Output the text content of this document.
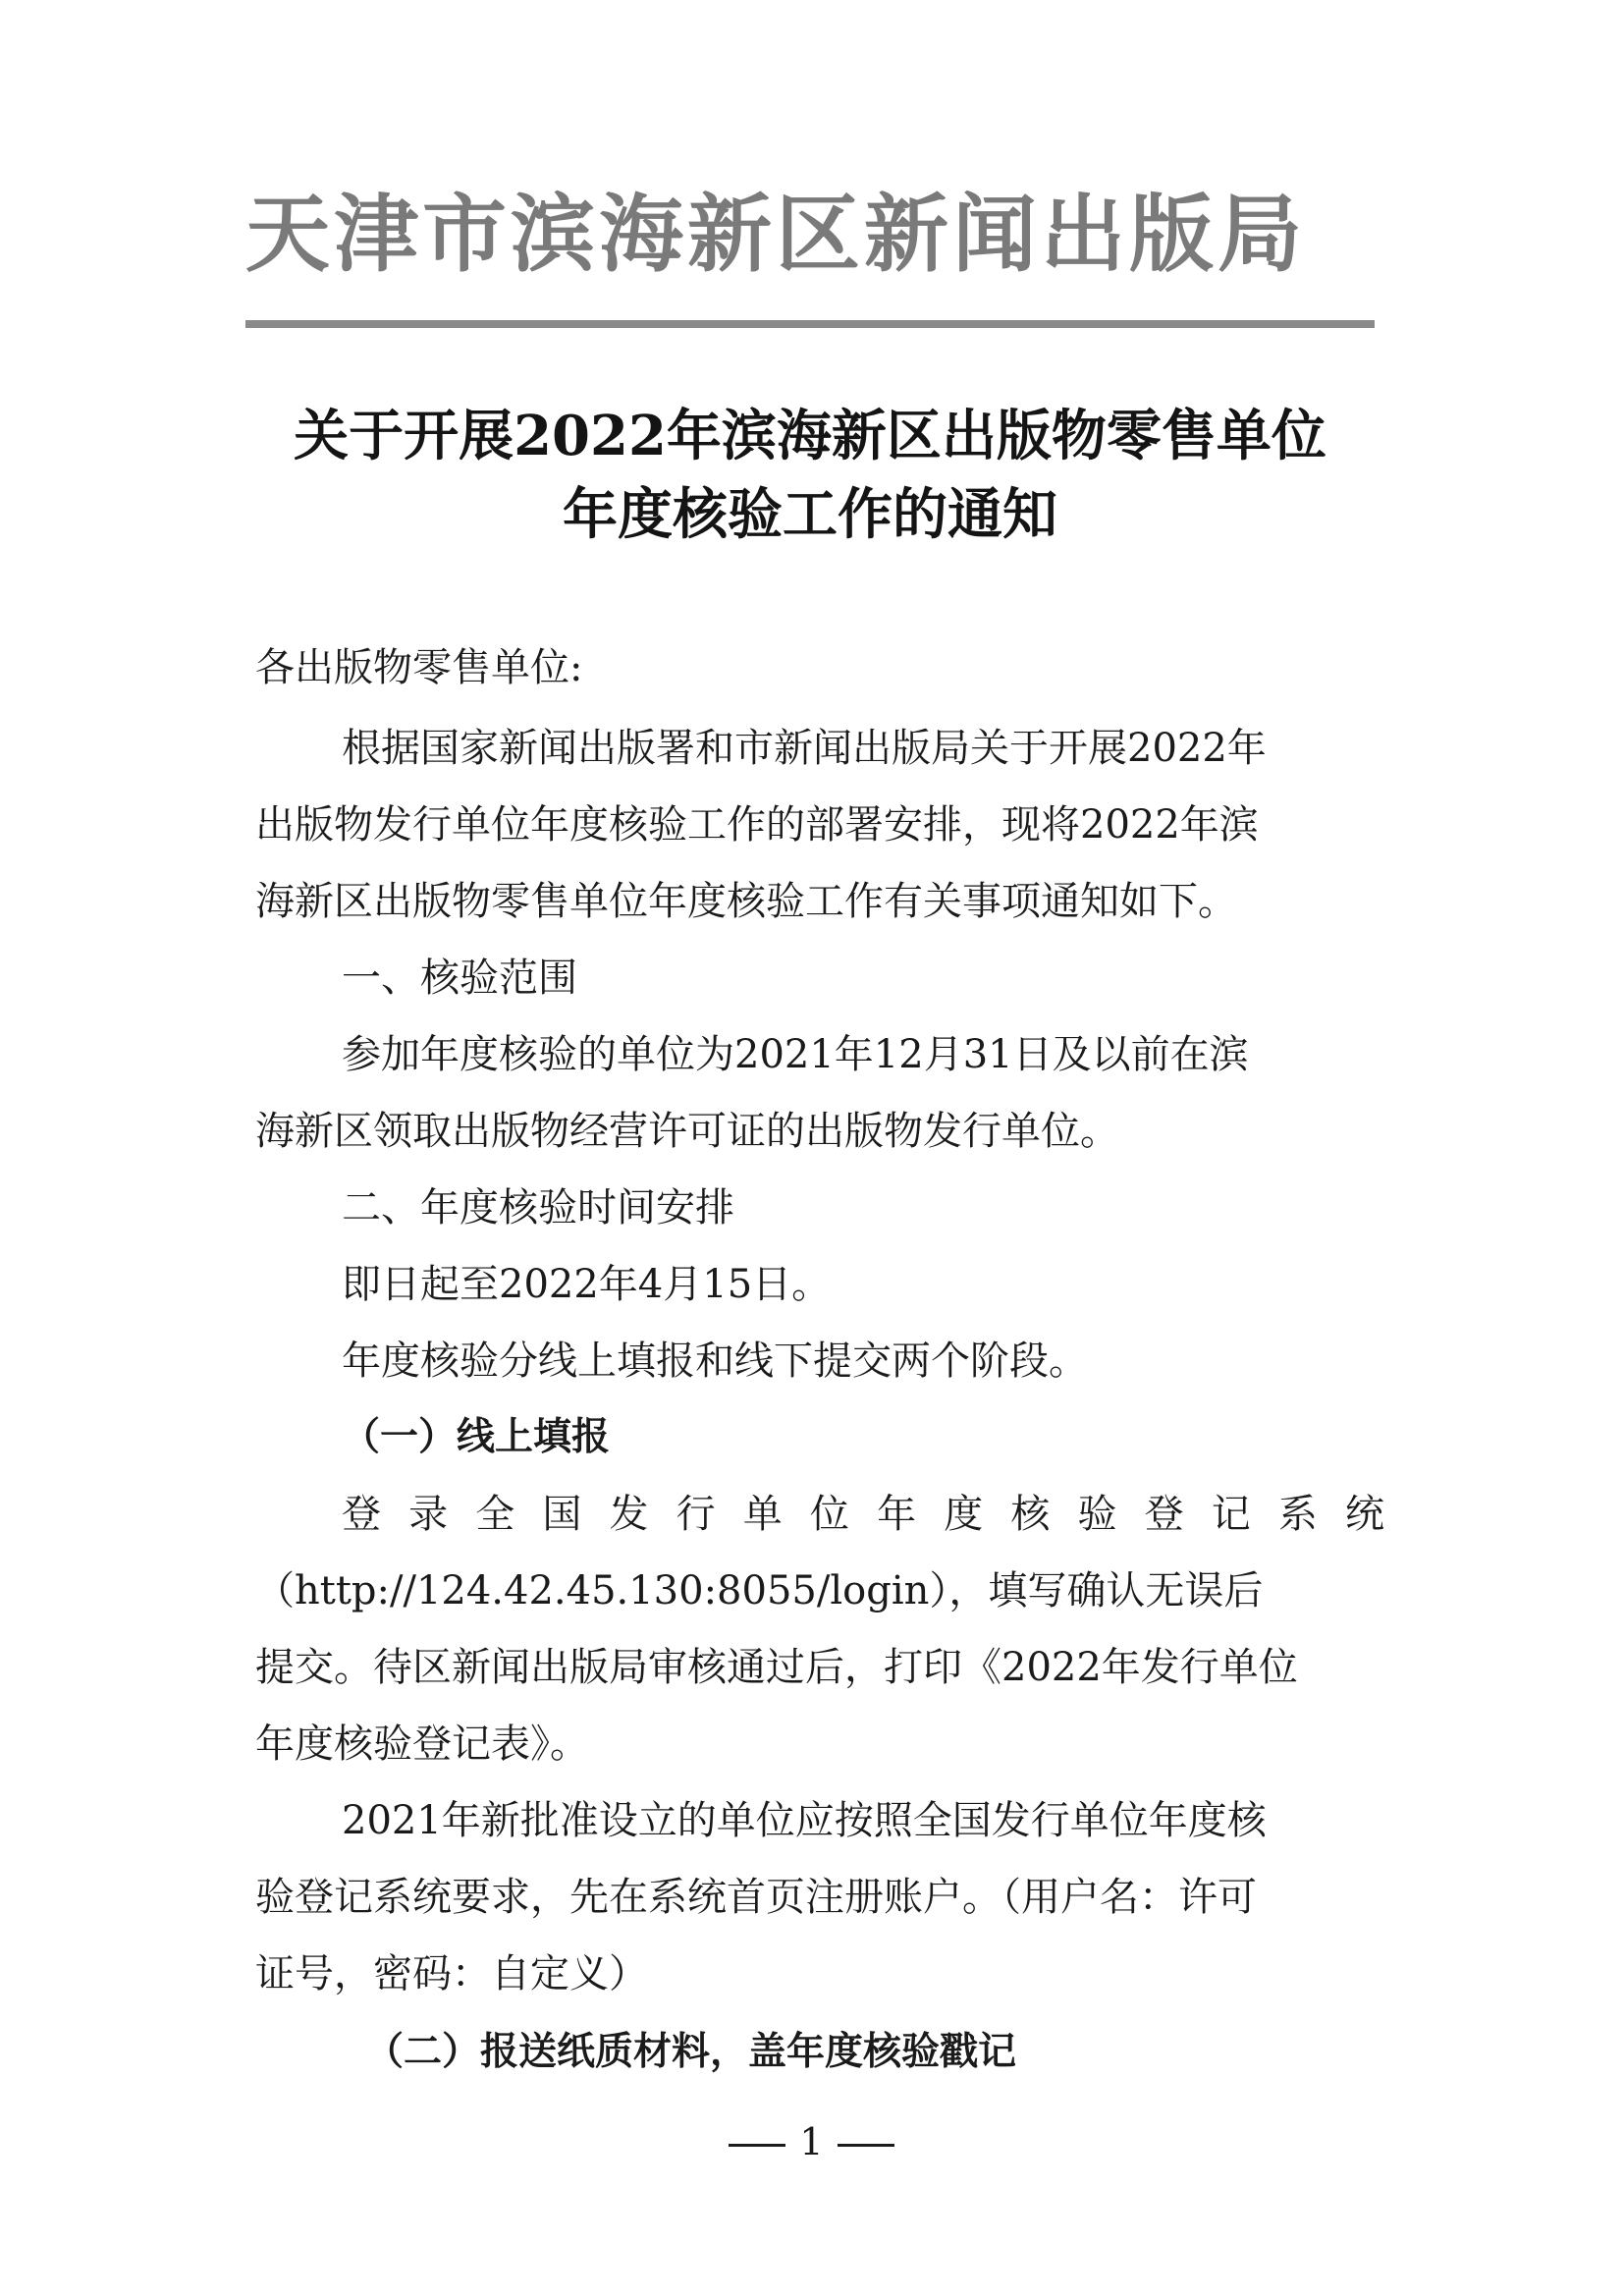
天津市滨海新区新闻出版局
关于开展2022年滨海新区出版物零售单位
年度核验工作的通知
各出版物零售单位:
根据国家新闻出版署和市新闻出版局关于开展2022年
出版物发行单位年度核验工作的部署安排，现将2022年滨
海新区出版物零售单位年度核验工作有关事项通知如下。
一、核验范围
参加年度核验的单位为2021年12月31日及以前在滨
海新区领取出版物经营许可证的出版物发行单位。
二、年度核验时间安排
即日起至2022年4月15日。
年度核验分线上填报和线下提交两个阶段。
（一）线上填报
登录全国发行单位年度核验登记系统
（http://124.42.45.130:8055/login），填写确认无误后
提交。待区新闻出版局审核通过后，打印《2022年发行单位
年度核验登记表》。
2021年新批准设立的单位应按照全国发行单位年度核
验登记系统要求，先在系统首页注册账户。（用户名：许可
证号，密码：自定义）
（二）报送纸质材料，盖年度核验戳记
1
